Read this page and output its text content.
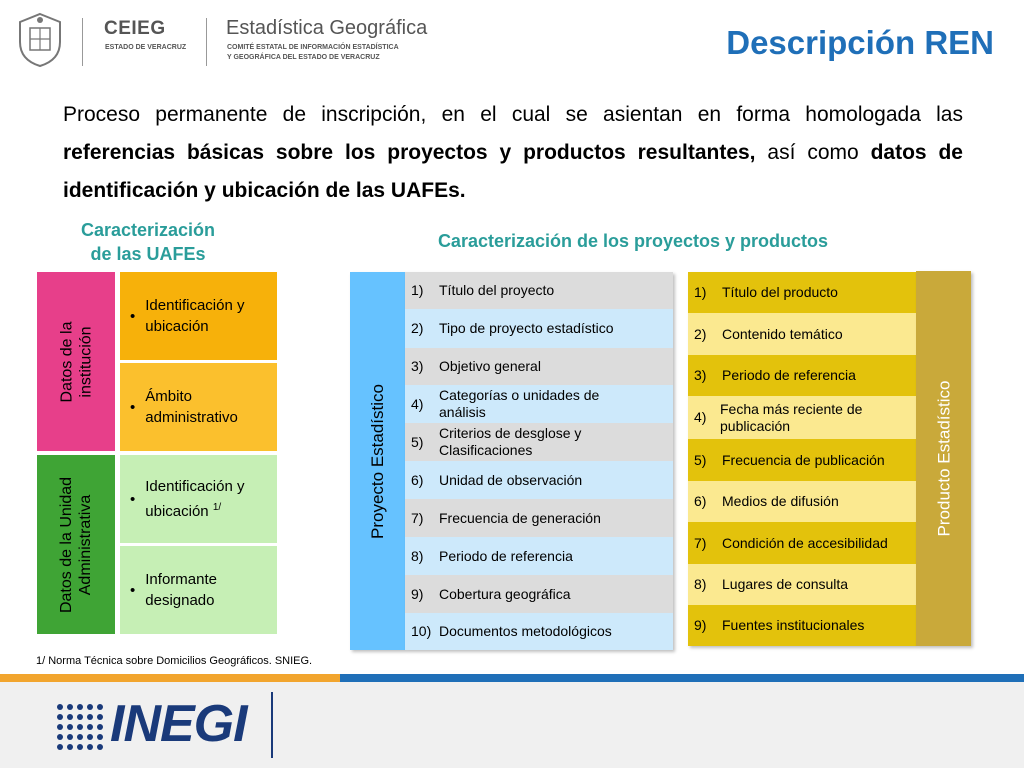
CEIEG
ESTADO DE VERACRUZ
Estadística Geográfica
COMITÉ ESTATAL DE INFORMACIÓN ESTADÍSTICA
Y GEOGRÁFICA DEL ESTADO DE VERACRUZ	Descripción REN
Proceso permanente de inscripción, en el cual se asientan en forma homologada las referencias básicas sobre los proyectos y productos resultantes, así como datos de identificación y ubicación de las UAFEs.
Caracterización
de las UAFEs
Datos de la institución
Datos de la Unidad Administrativa
•
Identificación y
ubicación
•
Ámbito
administrativo
•
Identificación y
ubicación $^{1/}$
•
Informante
designado
Caracterización de los proyectos y productos
Proyecto Estadístico
1)	Título del proyecto
2)	Tipo de proyecto estadístico
3)	Objetivo general
4)
Categorías o unidades de análisis
5)
Criterios de desglose y Clasificaciones
6)	Unidad de observación
7)	Frecuencia de generación
8)	Periodo de referencia
9)	Cobertura geográfica
10) Documentos metodológicos
1)	Título del producto
2)	Contenido temático
3)	Periodo de referencia
4)
Fecha más reciente de publicación
5)	Frecuencia de publicación
6)	Medios de difusión
7)	Condición de accesibilidad
8)	Lugares de consulta
9)	Fuentes institucionales
Producto Estadístico
1/ Norma Técnica sobre Domicilios Geográficos. SNIEG.
INEGI
